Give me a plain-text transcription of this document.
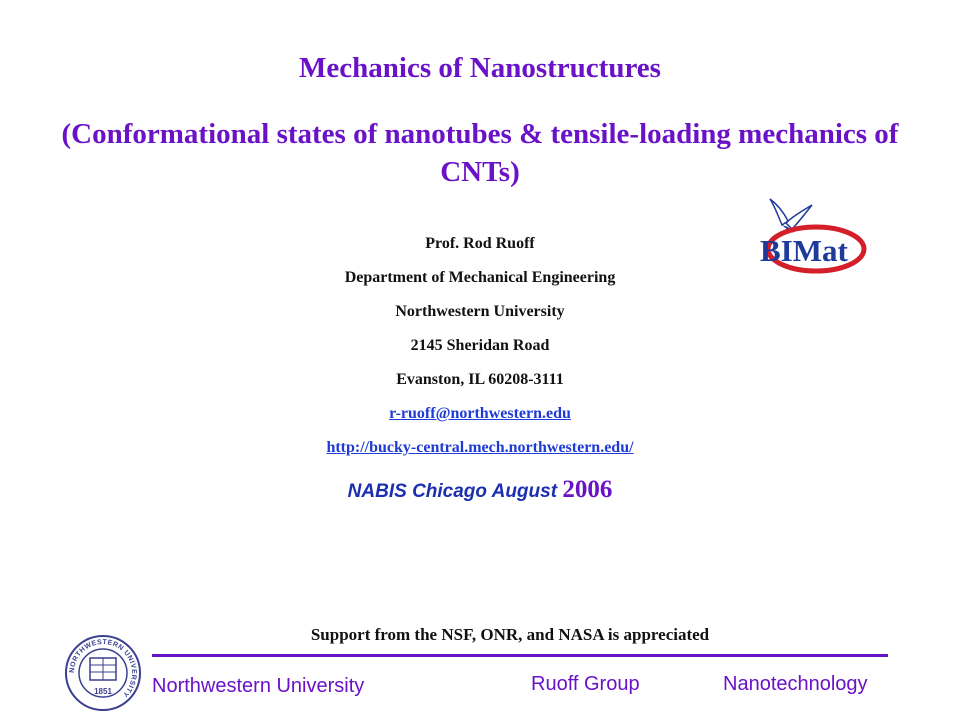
Mechanics of Nanostructures
(Conformational states of nanotubes & tensile-loading mechanics of CNTs)
Prof. Rod Ruoff
Department of Mechanical Engineering
Northwestern University
2145 Sheridan Road
Evanston, IL 60208-3111
r-ruoff@northwestern.edu
http://bucky-central.mech.northwestern.edu/
NABIS Chicago August 2006
BIMat
Support from the NSF, ONR, and NASA is appreciated
NORTHWESTERN UNIVERSITY
1851 Northwestern University	Ruoff Group	Nanotechnology
